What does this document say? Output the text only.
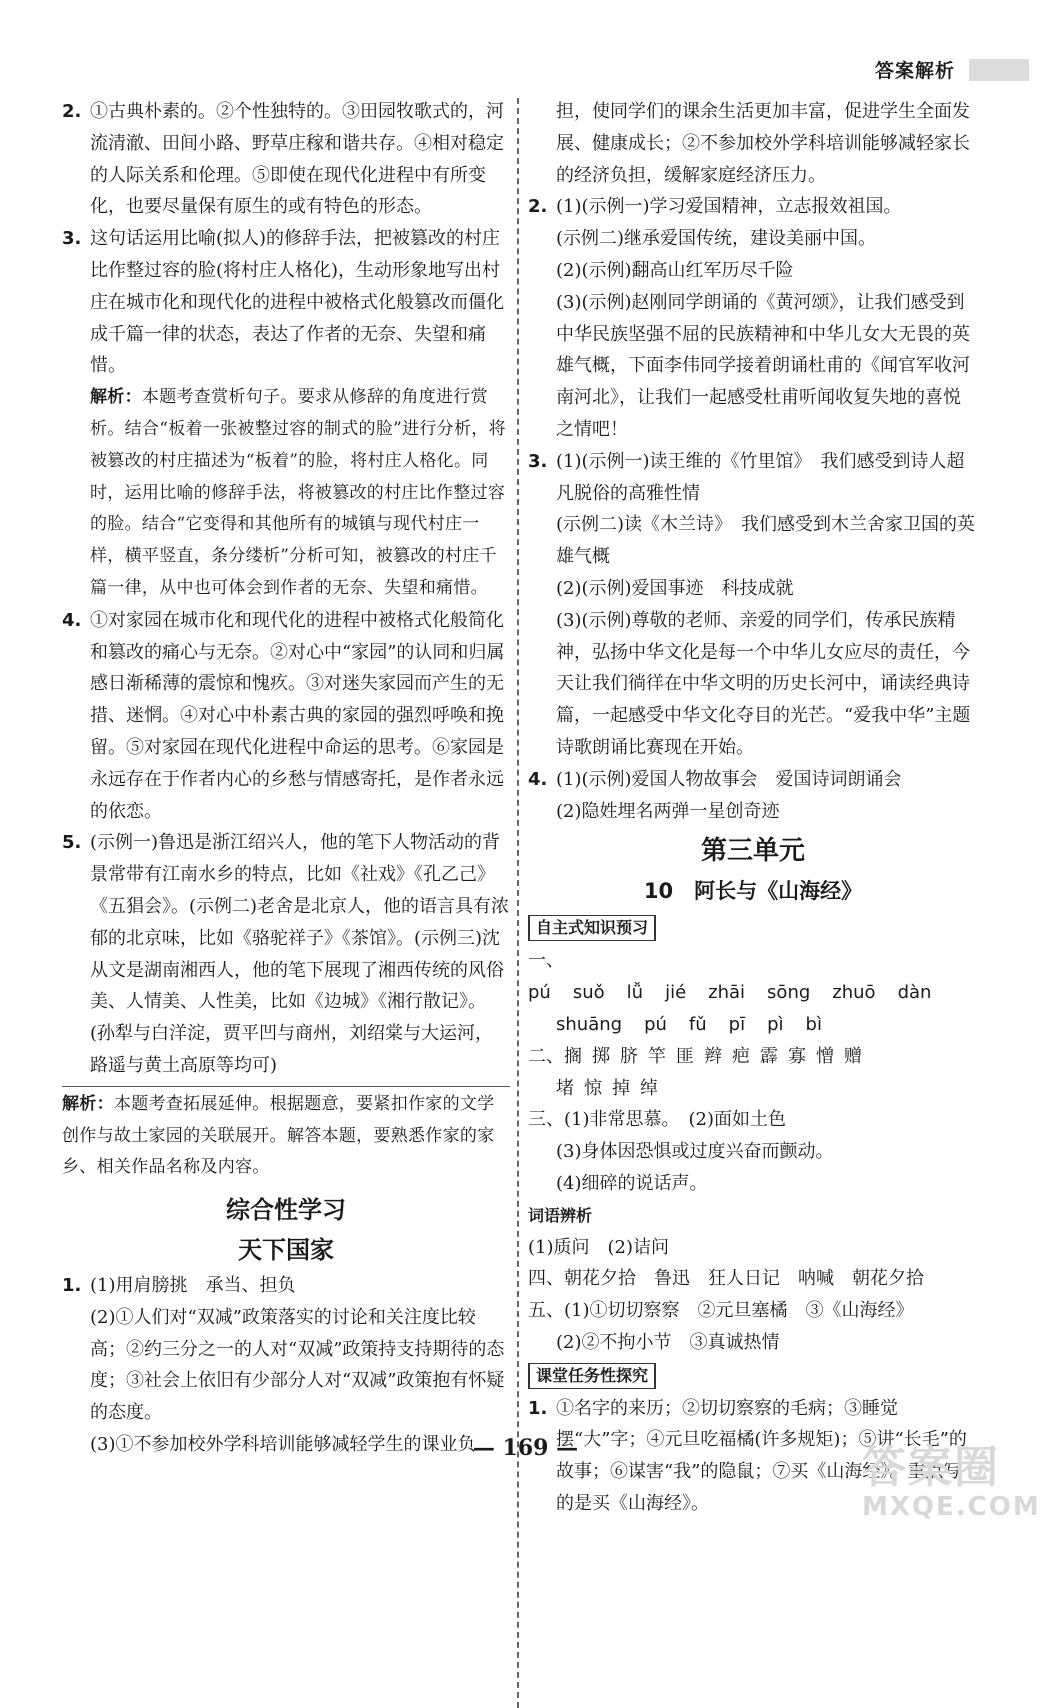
答案解析
2. ①古典朴素的。②个性独特的。③田园牧歌式的，河流清澈、田间小路、野草庄稼和谐共存。④相对稳定的人际关系和伦理。⑤即使在现代化进程中有所变化，也要尽量保有原生的或有特色的形态。
3. 这句话运用比喻(拟人)的修辞手法，把被篡改的村庄比作整过容的脸(将村庄人格化)，生动形象地写出村庄在城市化和现代化的进程中被格式化般篡改而僵化成千篇一律的状态，表达了作者的无奈、失望和痛惜。
解析：本题考查赏析句子。要求从修辞的角度进行赏析。结合“板着一张被整过容的制式的脸”进行分析，将被篡改的村庄描述为“板着”的脸，将村庄人格化。同时，运用比喻的修辞手法，将被篡改的村庄比作整过容的脸。结合“它变得和其他所有的城镇与现代村庄一样，横平竖直，条分缕析”分析可知，被篡改的村庄千篇一律，从中也可体会到作者的无奈、失望和痛惜。
4. ①对家园在城市化和现代化的进程中被格式化般简化和篡改的痛心与无奈。②对心中“家园”的认同和归属感日渐稀薄的震惊和愧疚。③对迷失家园而产生的无措、迷惘。④对心中朴素古典的家园的强烈呼唤和挽留。⑤对家园在现代化进程中命运的思考。⑥家园是永远存在于作者内心的乡愁与情感寄托，是作者永远的依恋。
5. (示例一)鲁迅是浙江绍兴人，他的笔下人物活动的背景常带有江南水乡的特点，比如《社戏》《孔乙己》《五猖会》。(示例二)老舍是北京人，他的语言具有浓郁的北京味，比如《骆驼祥子》《茶馆》。(示例三)沈从文是湖南湘西人，他的笔下展现了湘西传统的风俗美、人情美、人性美，比如《边城》《湘行散记》。(孙犁与白洋淀，贾平凹与商州，刘绍棠与大运河，路遥与黄土高原等均可)
解析：本题考查拓展延伸。根据题意，要紧扣作家的文学创作与故土家园的关联展开。解答本题，要熟悉作家的家乡、相关作品名称及内容。
综合性学习
天下国家
1. (1)用肩膀挑　承当、担负
(2)①人们对“双减”政策落实的讨论和关注度比较高；②约三分之一的人对“双减”政策持支持期待的态度；③社会上依旧有少部分人对“双减”政策抱有怀疑的态度。
(3)①不参加校外学科培训能够减轻学生的课业负
担，使同学们的课余生活更加丰富，促进学生全面发展、健康成长；②不参加校外学科培训能够减轻家长的经济负担，缓解家庭经济压力。
2. (1)(示例一)学习爱国精神，立志报效祖国。
(示例二)继承爱国传统，建设美丽中国。
(2)(示例)翻高山红军历尽千险
(3)(示例)赵刚同学朗诵的《黄河颂》，让我们感受到中华民族坚强不屈的民族精神和中华儿女大无畏的英雄气概，下面李伟同学接着朗诵杜甫的《闻官军收河南河北》，让我们一起感受杜甫听闻收复失地的喜悦之情吧！
3. (1)(示例一)读王维的《竹里馆》　我们感受到诗人超凡脱俗的高雅性情
(示例二)读《木兰诗》　我们感受到木兰舍家卫国的英雄气概
(2)(示例)爱国事迹　科技成就
(3)(示例)尊敬的老师、亲爱的同学们，传承民族精神，弘扬中华文化是每一个中华儿女应尽的责任，今天让我们徜徉在中华文明的历史长河中，诵读经典诗篇，一起感受中华文化夺目的光芒。“爱我中华”主题诗歌朗诵比赛现在开始。
4. (1)(示例)爱国人物故事会　爱国诗词朗诵会
(2)隐姓埋名两弹一星创奇迹
第三单元
10　阿长与《山海经》
自主式知识预习
一、pú suǒ lǚ jié zhāi sōng zhuō dàn
shuāng pú fǔ pī pì bì
二、搁 掷 脐 竿 匪 辫 疤 霹 寡 憎 赠
堵 惊 掉 绰
三、(1)非常思慕。　(2)面如土色
(3)身体因恐惧或过度兴奋而颤动。
(4)细碎的说话声。
词语辨析
(1)质问　(2)诘问
四、朝花夕拾　鲁迅　狂人日记　呐喊　朝花夕拾
五、(1)①切切察察　②元旦塞橘　③《山海经》
(2)②不拘小节　③真诚热情
课堂任务性探究
1. ①名字的来历；②切切察察的毛病；③睡觉摆“大”字；④元旦吃福橘(许多规矩)；⑤讲“长毛”的故事；⑥谋害“我”的隐鼠；⑦买《山海经》。重点写的是买《山海经》。
— 169 —	答案圈
MXQE.COM
